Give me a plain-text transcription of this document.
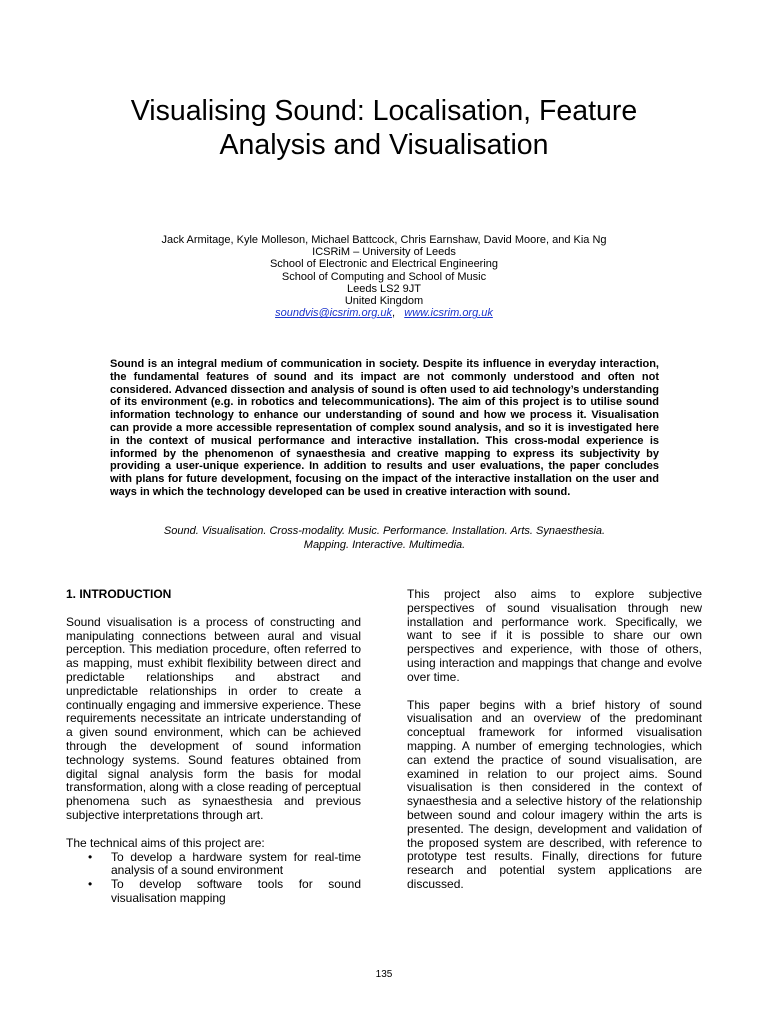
Visualising Sound: Localisation, Feature
Analysis and Visualisation
Jack Armitage, Kyle Molleson, Michael Battcock, Chris Earnshaw, David Moore, and Kia Ng
ICSRiM – University of Leeds
School of Electronic and Electrical Engineering
School of Computing and School of Music
Leeds LS2 9JT
United Kingdom
soundvis@icsrim.org.uk, www.icsrim.org.uk
Sound is an integral medium of communication in society. Despite its influence in everyday interaction, the fundamental features of sound and its impact are not commonly understood and often not considered. Advanced dissection and analysis of sound is often used to aid technology’s understanding of its environment (e.g. in robotics and telecommunications). The aim of this project is to utilise sound information technology to enhance our understanding of sound and how we process it. Visualisation can provide a more accessible representation of complex sound analysis, and so it is investigated here in the context of musical performance and interactive installation. This cross-modal experience is informed by the phenomenon of synaesthesia and creative mapping to express its subjectivity by providing a user-unique experience. In addition to results and user evaluations, the paper concludes with plans for future development, focusing on the impact of the interactive installation on the user and ways in which the technology developed can be used in creative interaction with sound.
Sound. Visualisation. Cross-modality. Music. Performance. Installation. Arts. Synaesthesia.
Mapping. Interactive. Multimedia.
1. INTRODUCTION

Sound visualisation is a process of constructing and manipulating connections between aural and visual perception. This mediation procedure, often referred to as mapping, must exhibit flexibility between direct and predictable relationships and abstract and unpredictable relationships in order to create a continually engaging and immersive experience. These requirements necessitate an intricate understanding of a given sound environment, which can be achieved through the development of sound information technology systems. Sound features obtained from digital signal analysis form the basis for modal transformation, along with a close reading of perceptual phenomena such as synaesthesia and previous subjective interpretations through art.

The technical aims of this project are:

• To develop a hardware system for real-time analysis of a sound environment
• To develop software tools for sound visualisation mapping

This project also aims to explore subjective perspectives of sound visualisation through new installation and performance work. Specifically, we want to see if it is possible to share our own perspectives and experience, with those of others, using interaction and mappings that change and evolve over time.

This paper begins with a brief history of sound visualisation and an overview of the predominant conceptual framework for informed visualisation mapping. A number of emerging technologies, which can extend the practice of sound visualisation, are examined in relation to our project aims. Sound visualisation is then considered in the context of synaesthesia and a selective history of the relationship between sound and colour imagery within the arts is presented. The design, development and validation of the proposed system are described, with reference to prototype test results. Finally, directions for future research and potential system applications are discussed.

135
